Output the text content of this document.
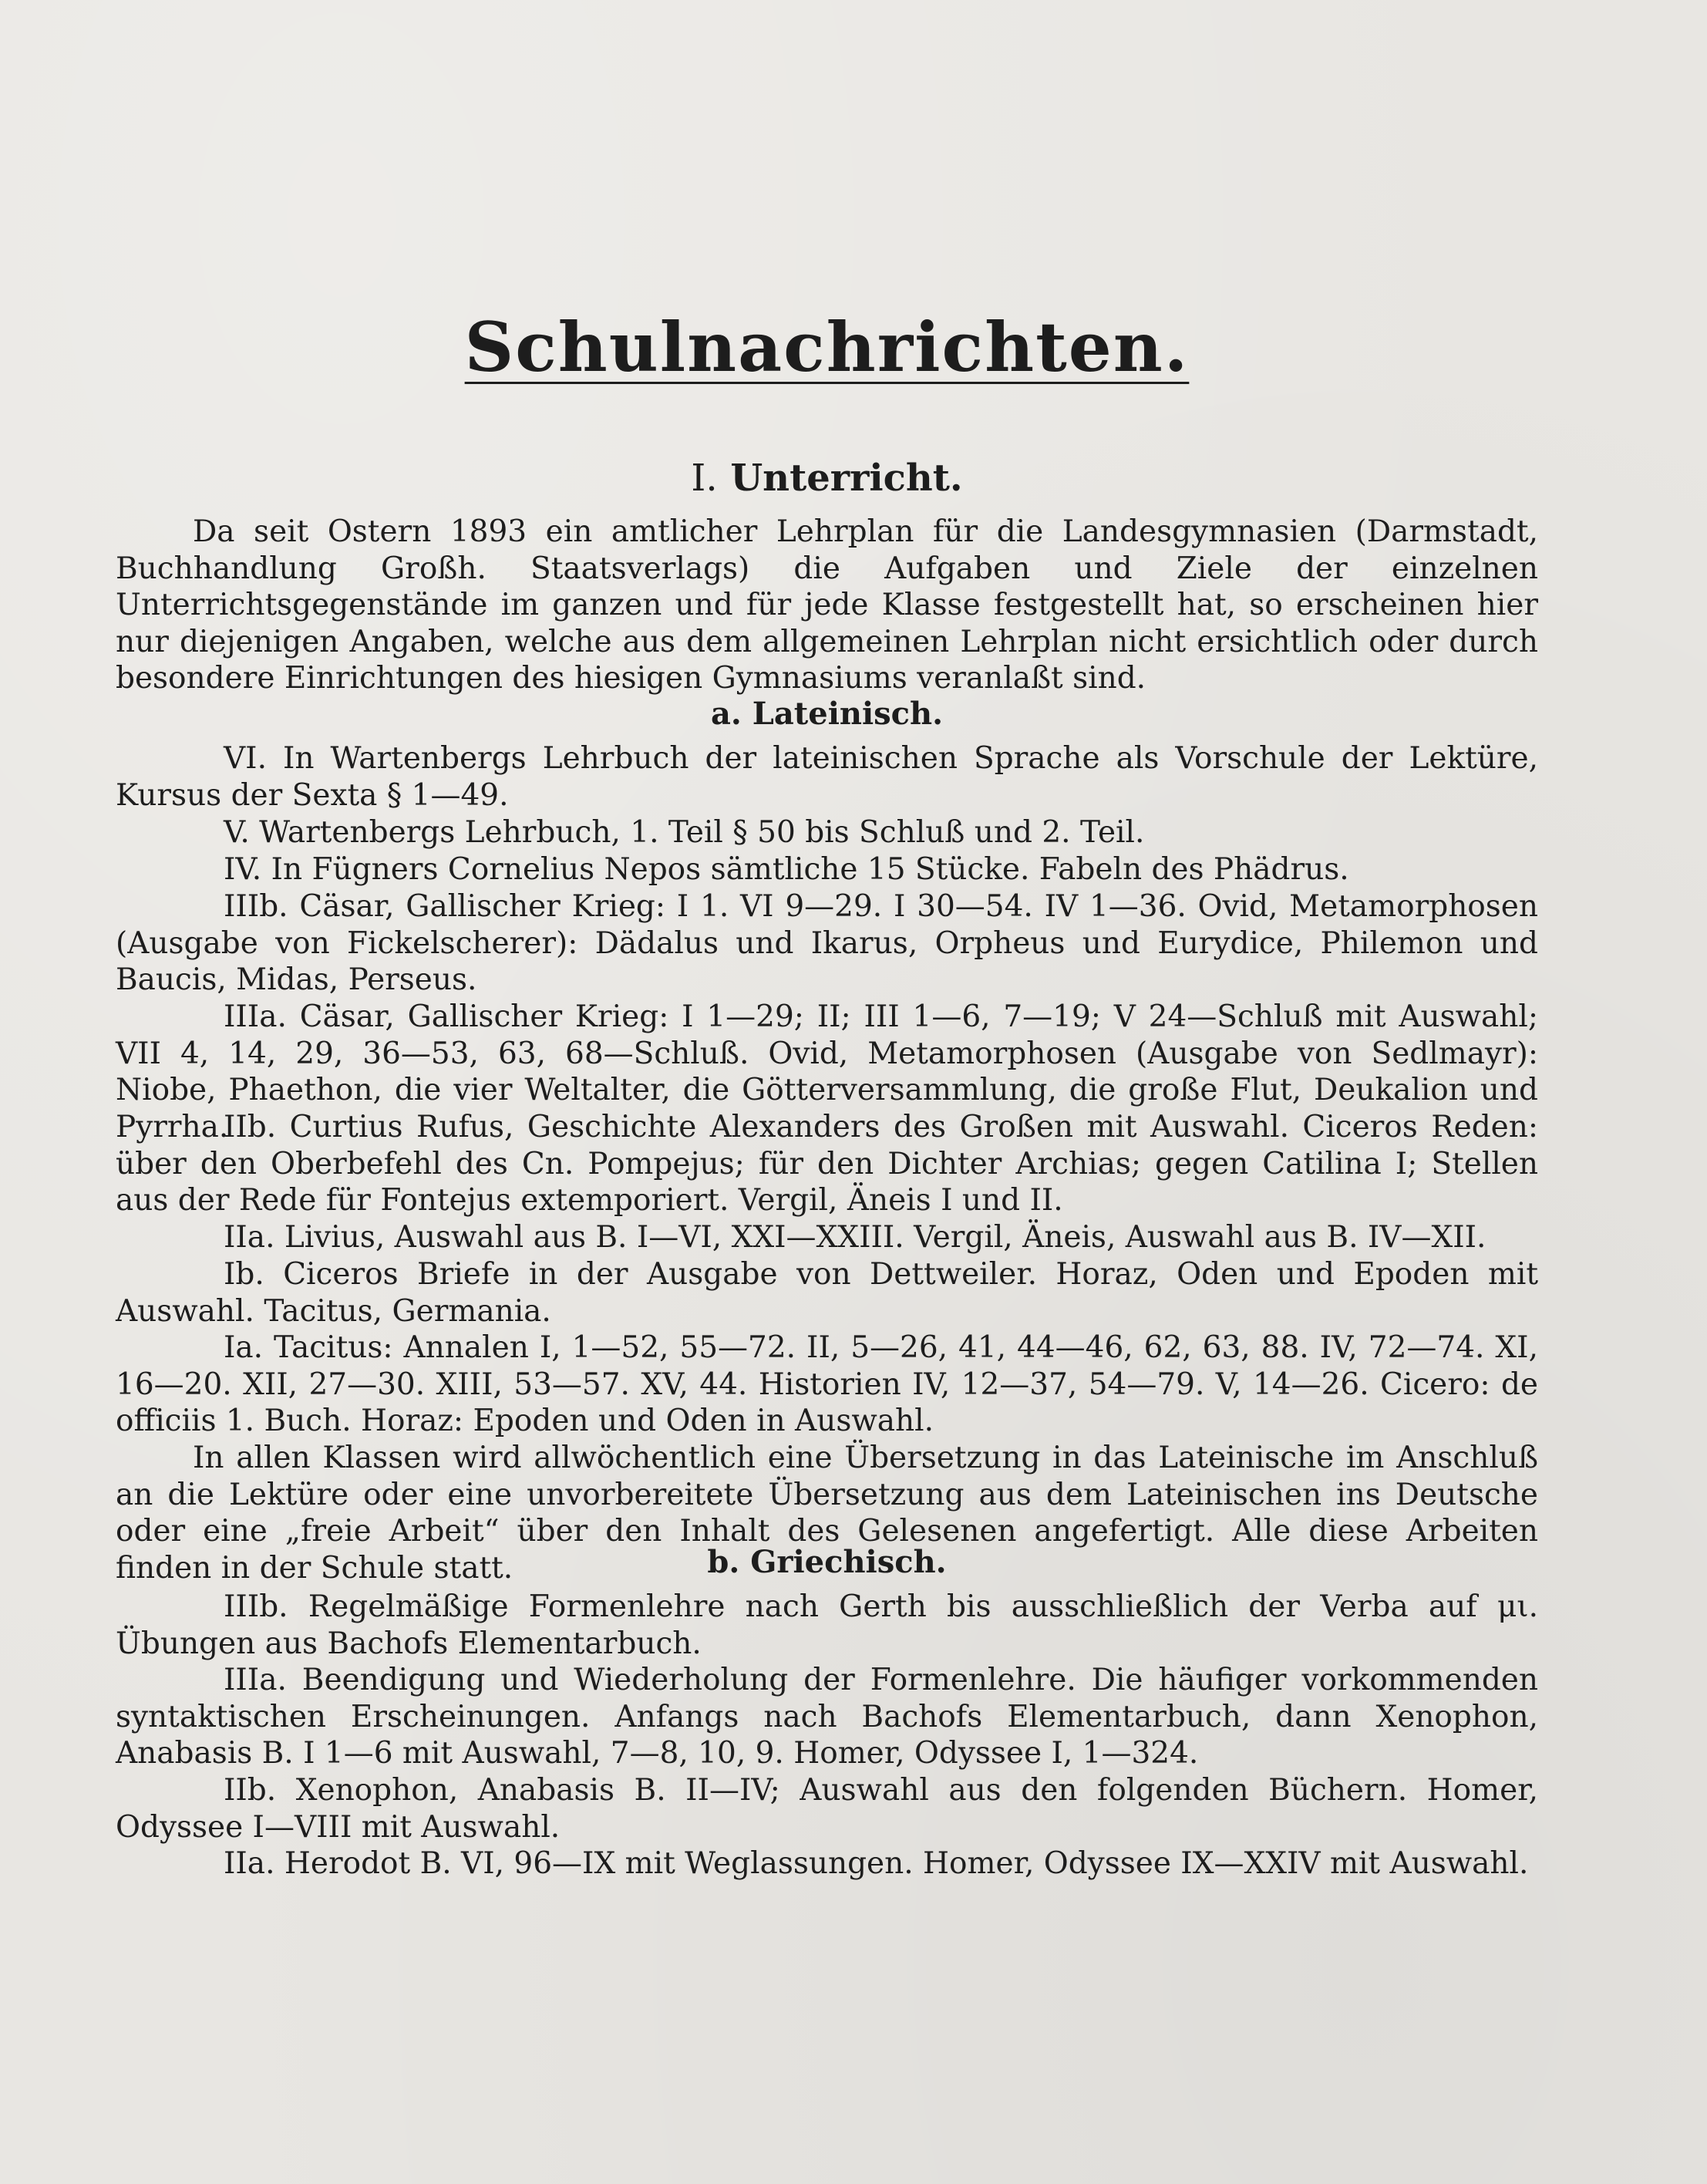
Schulnachrichten.
I. Unterricht.
Da seit Ostern 1893 ein amtlicher Lehrplan für die Landesgymnasien (Darmstadt, Buchhandlung Großh. Staatsverlags) die Aufgaben und Ziele der einzelnen Unterrichtsgegenstände im ganzen und für jede Klasse festgestellt hat, so erscheinen hier nur diejenigen Angaben, welche aus dem allgemeinen Lehrplan nicht ersichtlich oder durch besondere Einrichtungen des hiesigen Gymnasiums veranlaßt sind.
a. Lateinisch.
VI. In Wartenbergs Lehrbuch der lateinischen Sprache als Vorschule der Lektüre, Kursus der Sexta § 1—49.
V. Wartenbergs Lehrbuch, 1. Teil § 50 bis Schluß und 2. Teil.
IV. In Fügners Cornelius Nepos sämtliche 15 Stücke. Fabeln des Phädrus.
IIIb. Cäsar, Gallischer Krieg: I 1. VI 9—29. I 30—54. IV 1—36. Ovid, Metamorphosen (Ausgabe von Fickelscherer): Dädalus und Ikarus, Orpheus und Eurydice, Philemon und Baucis, Midas, Perseus.
IIIa. Cäsar, Gallischer Krieg: I 1—29; II; III 1—6, 7—19; V 24—Schluß mit Auswahl; VII 4, 14, 29, 36—53, 63, 68—Schluß. Ovid, Metamorphosen (Ausgabe von Sedlmayr): Niobe, Phaethon, die vier Weltalter, die Götterversammlung, die große Flut, Deukalion und Pyrrha.
IIb. Curtius Rufus, Geschichte Alexanders des Großen mit Auswahl. Ciceros Reden: über den Oberbefehl des Cn. Pompejus; für den Dichter Archias; gegen Catilina I; Stellen aus der Rede für Fontejus extemporiert. Vergil, Äneis I und II.
IIa. Livius, Auswahl aus B. I—VI, XXI—XXIII. Vergil, Äneis, Auswahl aus B. IV—XII.
Ib. Ciceros Briefe in der Ausgabe von Dettweiler. Horaz, Oden und Epoden mit Auswahl. Tacitus, Germania.
Ia. Tacitus: Annalen I, 1—52, 55—72. II, 5—26, 41, 44—46, 62, 63, 88. IV, 72—74. XI, 16—20. XII, 27—30. XIII, 53—57. XV, 44. Historien IV, 12—37, 54—79. V, 14—26. Cicero: de officiis 1. Buch. Horaz: Epoden und Oden in Auswahl.
In allen Klassen wird allwöchentlich eine Übersetzung in das Lateinische im Anschluß an die Lektüre oder eine unvorbereitete Übersetzung aus dem Lateinischen ins Deutsche oder eine „freie Arbeit“ über den Inhalt des Gelesenen angefertigt. Alle diese Arbeiten finden in der Schule statt.	b. Griechisch.
IIIb. Regelmäßige Formenlehre nach Gerth bis ausschließlich der Verba auf μι. Übungen aus Bachofs Elementarbuch.
IIIa. Beendigung und Wiederholung der Formenlehre. Die häufiger vorkommenden syntaktischen Erscheinungen. Anfangs nach Bachofs Elementarbuch, dann Xenophon, Anabasis B. I 1—6 mit Auswahl, 7—8, 10, 9. Homer, Odyssee I, 1—324.
IIb. Xenophon, Anabasis B. II—IV; Auswahl aus den folgenden Büchern. Homer, Odyssee I—VIII mit Auswahl.
IIa. Herodot B. VI, 96—IX mit Weglassungen. Homer, Odyssee IX—XXIV mit Auswahl.
